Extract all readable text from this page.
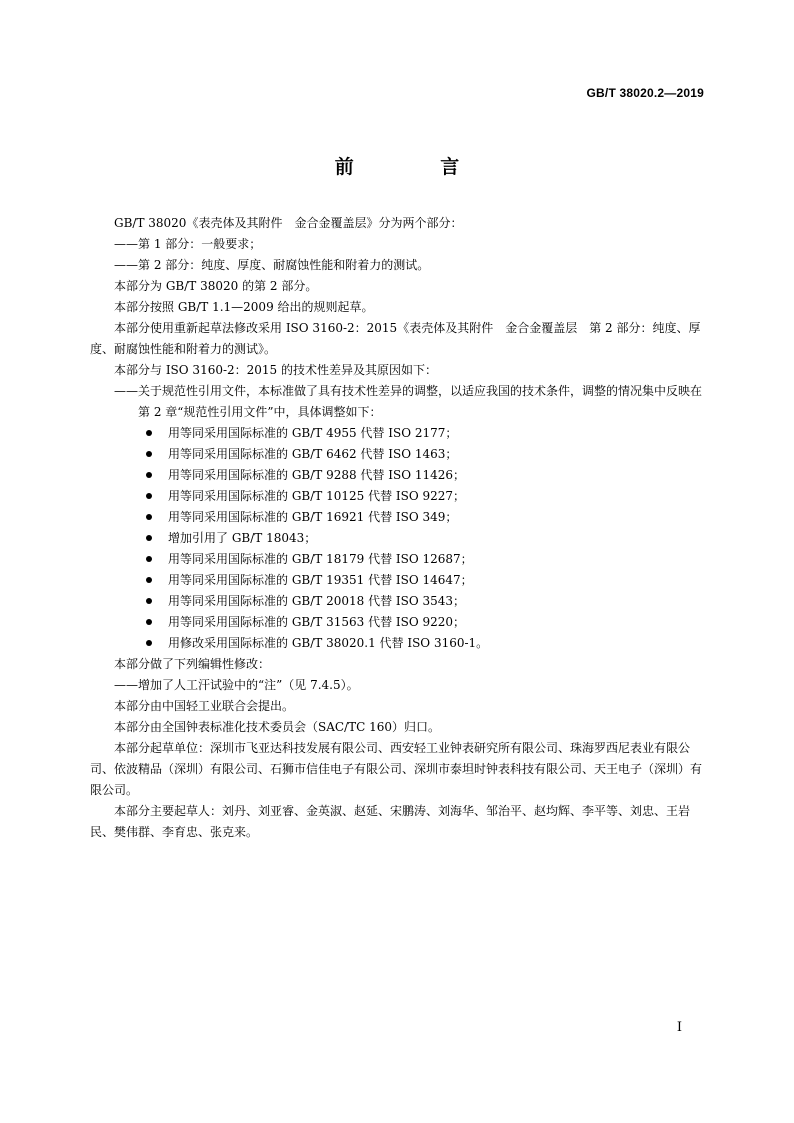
GB/T 38020.2—2019
前 言

GB/T 38020《表壳体及其附件　金合金覆盖层》分为两个部分：

——第 1 部分：一般要求；

——第 2 部分：纯度、厚度、耐腐蚀性能和附着力的测试。

本部分为 GB/T 38020 的第 2 部分。

本部分按照 GB/T 1.1—2009 给出的规则起草。

本部分使用重新起草法修改采用 ISO 3160-2：2015《表壳体及其附件　金合金覆盖层　第 2 部分：纯度、厚度、耐腐蚀性能和附着力的测试》。

本部分与 ISO 3160-2：2015 的技术性差异及其原因如下：

——关于规范性引用文件，本标准做了具有技术性差异的调整，以适应我国的技术条件，调整的情况集中反映在第 2 章“规范性引用文件”中，具体调整如下：

用等同采用国际标准的 GB/T 4955 代替 ISO 2177；
用等同采用国际标准的 GB/T 6462 代替 ISO 1463；
用等同采用国际标准的 GB/T 9288 代替 ISO 11426；
用等同采用国际标准的 GB/T 10125 代替 ISO 9227；
用等同采用国际标准的 GB/T 16921 代替 ISO 349；
增加引用了 GB/T 18043；
用等同采用国际标准的 GB/T 18179 代替 ISO 12687；
用等同采用国际标准的 GB/T 19351 代替 ISO 14647；
用等同采用国际标准的 GB/T 20018 代替 ISO 3543；
用等同采用国际标准的 GB/T 31563 代替 ISO 9220；
用修改采用国际标准的 GB/T 38020.1 代替 ISO 3160-1。

本部分做了下列编辑性修改：

——增加了人工汗试验中的“注”（见 7.4.5）。

本部分由中国轻工业联合会提出。

本部分由全国钟表标准化技术委员会（SAC/TC 160）归口。

本部分起草单位：深圳市飞亚达科技发展有限公司、西安轻工业钟表研究所有限公司、珠海罗西尼表业有限公司、依波精品（深圳）有限公司、石狮市信佳电子有限公司、深圳市泰坦时钟表科技有限公司、天王电子（深圳）有限公司。

本部分主要起草人：刘丹、刘亚睿、金英淑、赵延、宋鹏涛、刘海华、邹治平、赵均辉、李平等、刘忠、王岩民、樊伟群、李育忠、张克来。

I
